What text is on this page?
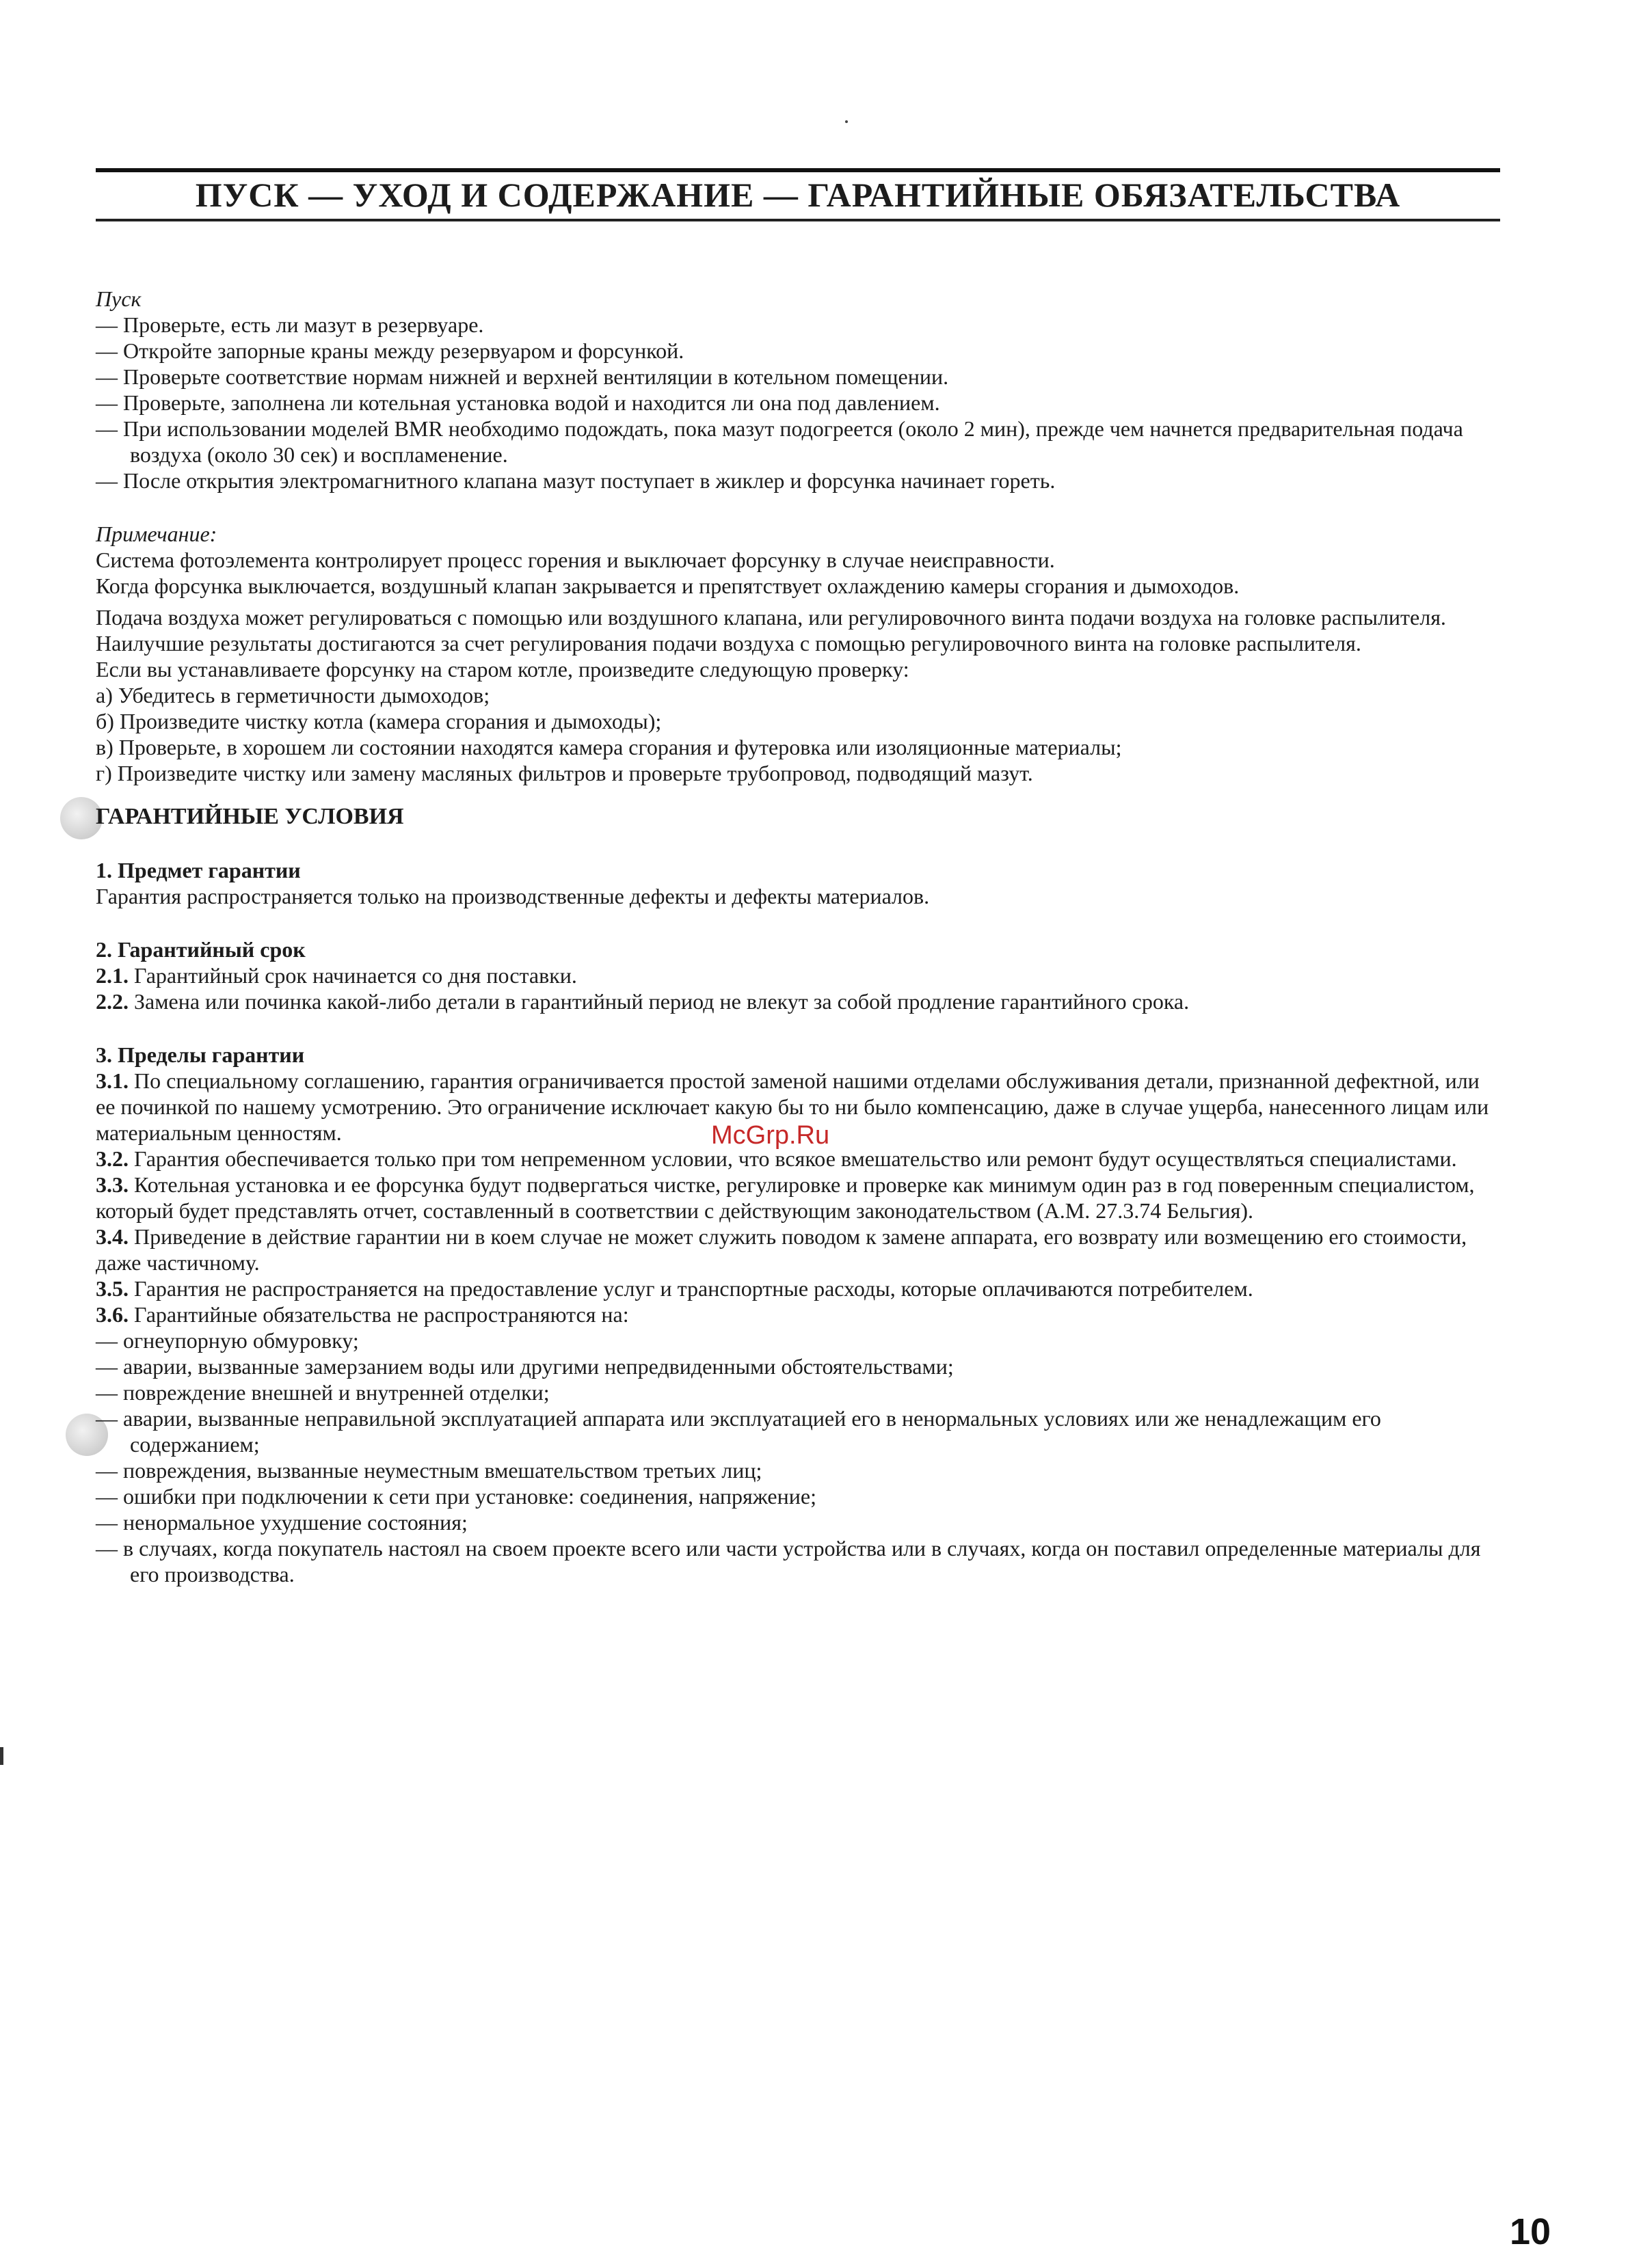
ПУСК — УХОД И СОДЕРЖАНИЕ — ГАРАНТИЙНЫЕ ОБЯЗАТЕЛЬСТВА

Пуск

— Проверьте, есть ли мазут в резервуаре.

— Откройте запорные краны между резервуаром и форсункой.

— Проверьте соответствие нормам нижней и верхней вентиляции в котельном помещении.

— Проверьте, заполнена ли котельная установка водой и находится ли она под давлением.

— При использовании моделей BMR необходимо подождать, пока мазут подогреется (около 2 мин), прежде чем начнется предварительная подача воздуха (около 30 сек) и воспламенение.

— После открытия электромагнитного клапана мазут поступает в жиклер и форсунка начинает гореть.

Примечание:

Система фотоэлемента контролирует процесс горения и выключает форсунку в случае неисправности.

Когда форсунка выключается, воздушный клапан закрывается и препятствует охлаждению камеры сгорания и дымоходов.

Подача воздуха может регулироваться с помощью или воздушного клапана, или регулировочного винта подачи воздуха на головке распылителя.

Наилучшие результаты достигаются за счет регулирования подачи воздуха с помощью регулировочного винта на головке распылителя.

Если вы устанавливаете форсунку на старом котле, произведите следующую проверку:

а) Убедитесь в герметичности дымоходов;

б) Произведите чистку котла (камера сгорания и дымоходы);

в) Проверьте, в хорошем ли состоянии находятся камера сгорания и футеровка или изоляционные материалы;

г) Произведите чистку или замену масляных фильтров и проверьте трубопровод, подводящий мазут.

ГАРАНТИЙНЫЕ УСЛОВИЯ

1. Предмет гарантии

Гарантия распространяется только на производственные дефекты и дефекты материалов.

2. Гарантийный срок

2.1. Гарантийный срок начинается со дня поставки.

2.2. Замена или починка какой-либо детали в гарантийный период не влекут за собой продление гарантийного срока.

3. Пределы гарантии

3.1. По специальному соглашению, гарантия ограничивается простой заменой нашими отделами обслуживания детали, признанной дефектной, или ее починкой по нашему усмотрению. Это ограничение исключает какую бы то ни было компенсацию, даже в случае ущерба, нанесенного лицам или материальным ценностям.

3.2. Гарантия обеспечивается только при том непременном условии, что всякое вмешательство или ремонт будут осуществляться специалистами.

3.3. Котельная установка и ее форсунка будут подвергаться чистке, регулировке и проверке как минимум один раз в год поверенным специалистом, который будет представлять отчет, составленный в соответствии с действующим законодательством (A.M. 27.3.74 Бельгия).

3.4. Приведение в действие гарантии ни в коем случае не может служить поводом к замене аппарата, его возврату или возмещению его стоимости, даже частичному.

3.5. Гарантия не распространяется на предоставление услуг и транспортные расходы, которые оплачиваются потребителем.

3.6. Гарантийные обязательства не распространяются на:

— огнеупорную обмуровку;

— аварии, вызванные замерзанием воды или другими непредвиденными обстоятельствами;

— повреждение внешней и внутренней отделки;

— аварии, вызванные неправильной эксплуатацией аппарата или эксплуатацией его в ненормальных условиях или же ненадлежащим его содержанием;

— повреждения, вызванные неуместным вмешательством третьих лиц;

— ошибки при подключении к сети при установке: соединения, напряжение;

— ненормальное ухудшение состояния;

— в случаях, когда покупатель настоял на своем проекте всего или части устройства или в случаях, когда он поставил определенные материалы для его производства.

McGrp.Ru
10
